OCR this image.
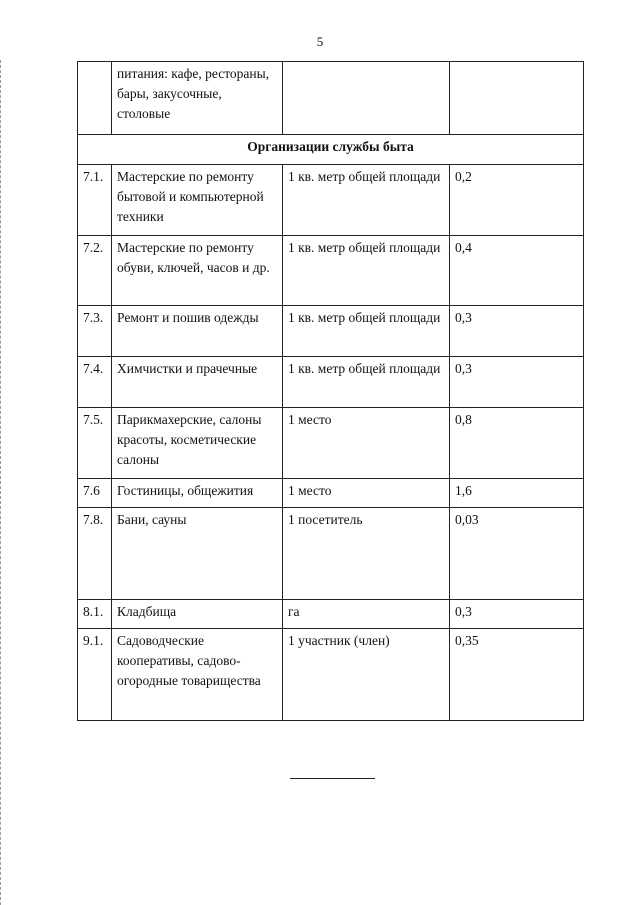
5
	питания: кафе, рестораны, бары, закусочные, столовые		
Организации службы быта			
7.1.	Мастерские по ремонту бытовой и компьютерной техники	1 кв. метр общей площади	0,2
7.2.	Мастерские по ремонту обуви, ключей, часов и др.	1 кв. метр общей площади	0,4
7.3.	Ремонт и пошив одежды	1 кв. метр общей площади	0,3
7.4.	Химчистки и прачечные	1 кв. метр общей площади	0,3
7.5.	Парикмахерские, салоны красоты, косметические салоны	1 место	0,8
7.6	Гостиницы, общежития	1 место	1,6
7.8.	Бани, сауны	1 посетитель	0,03
8.1.	Кладбища	га	0,3
9.1.	Садоводческие кооперативы, садово-огородные товарищества	1 участник (член)	0,35
